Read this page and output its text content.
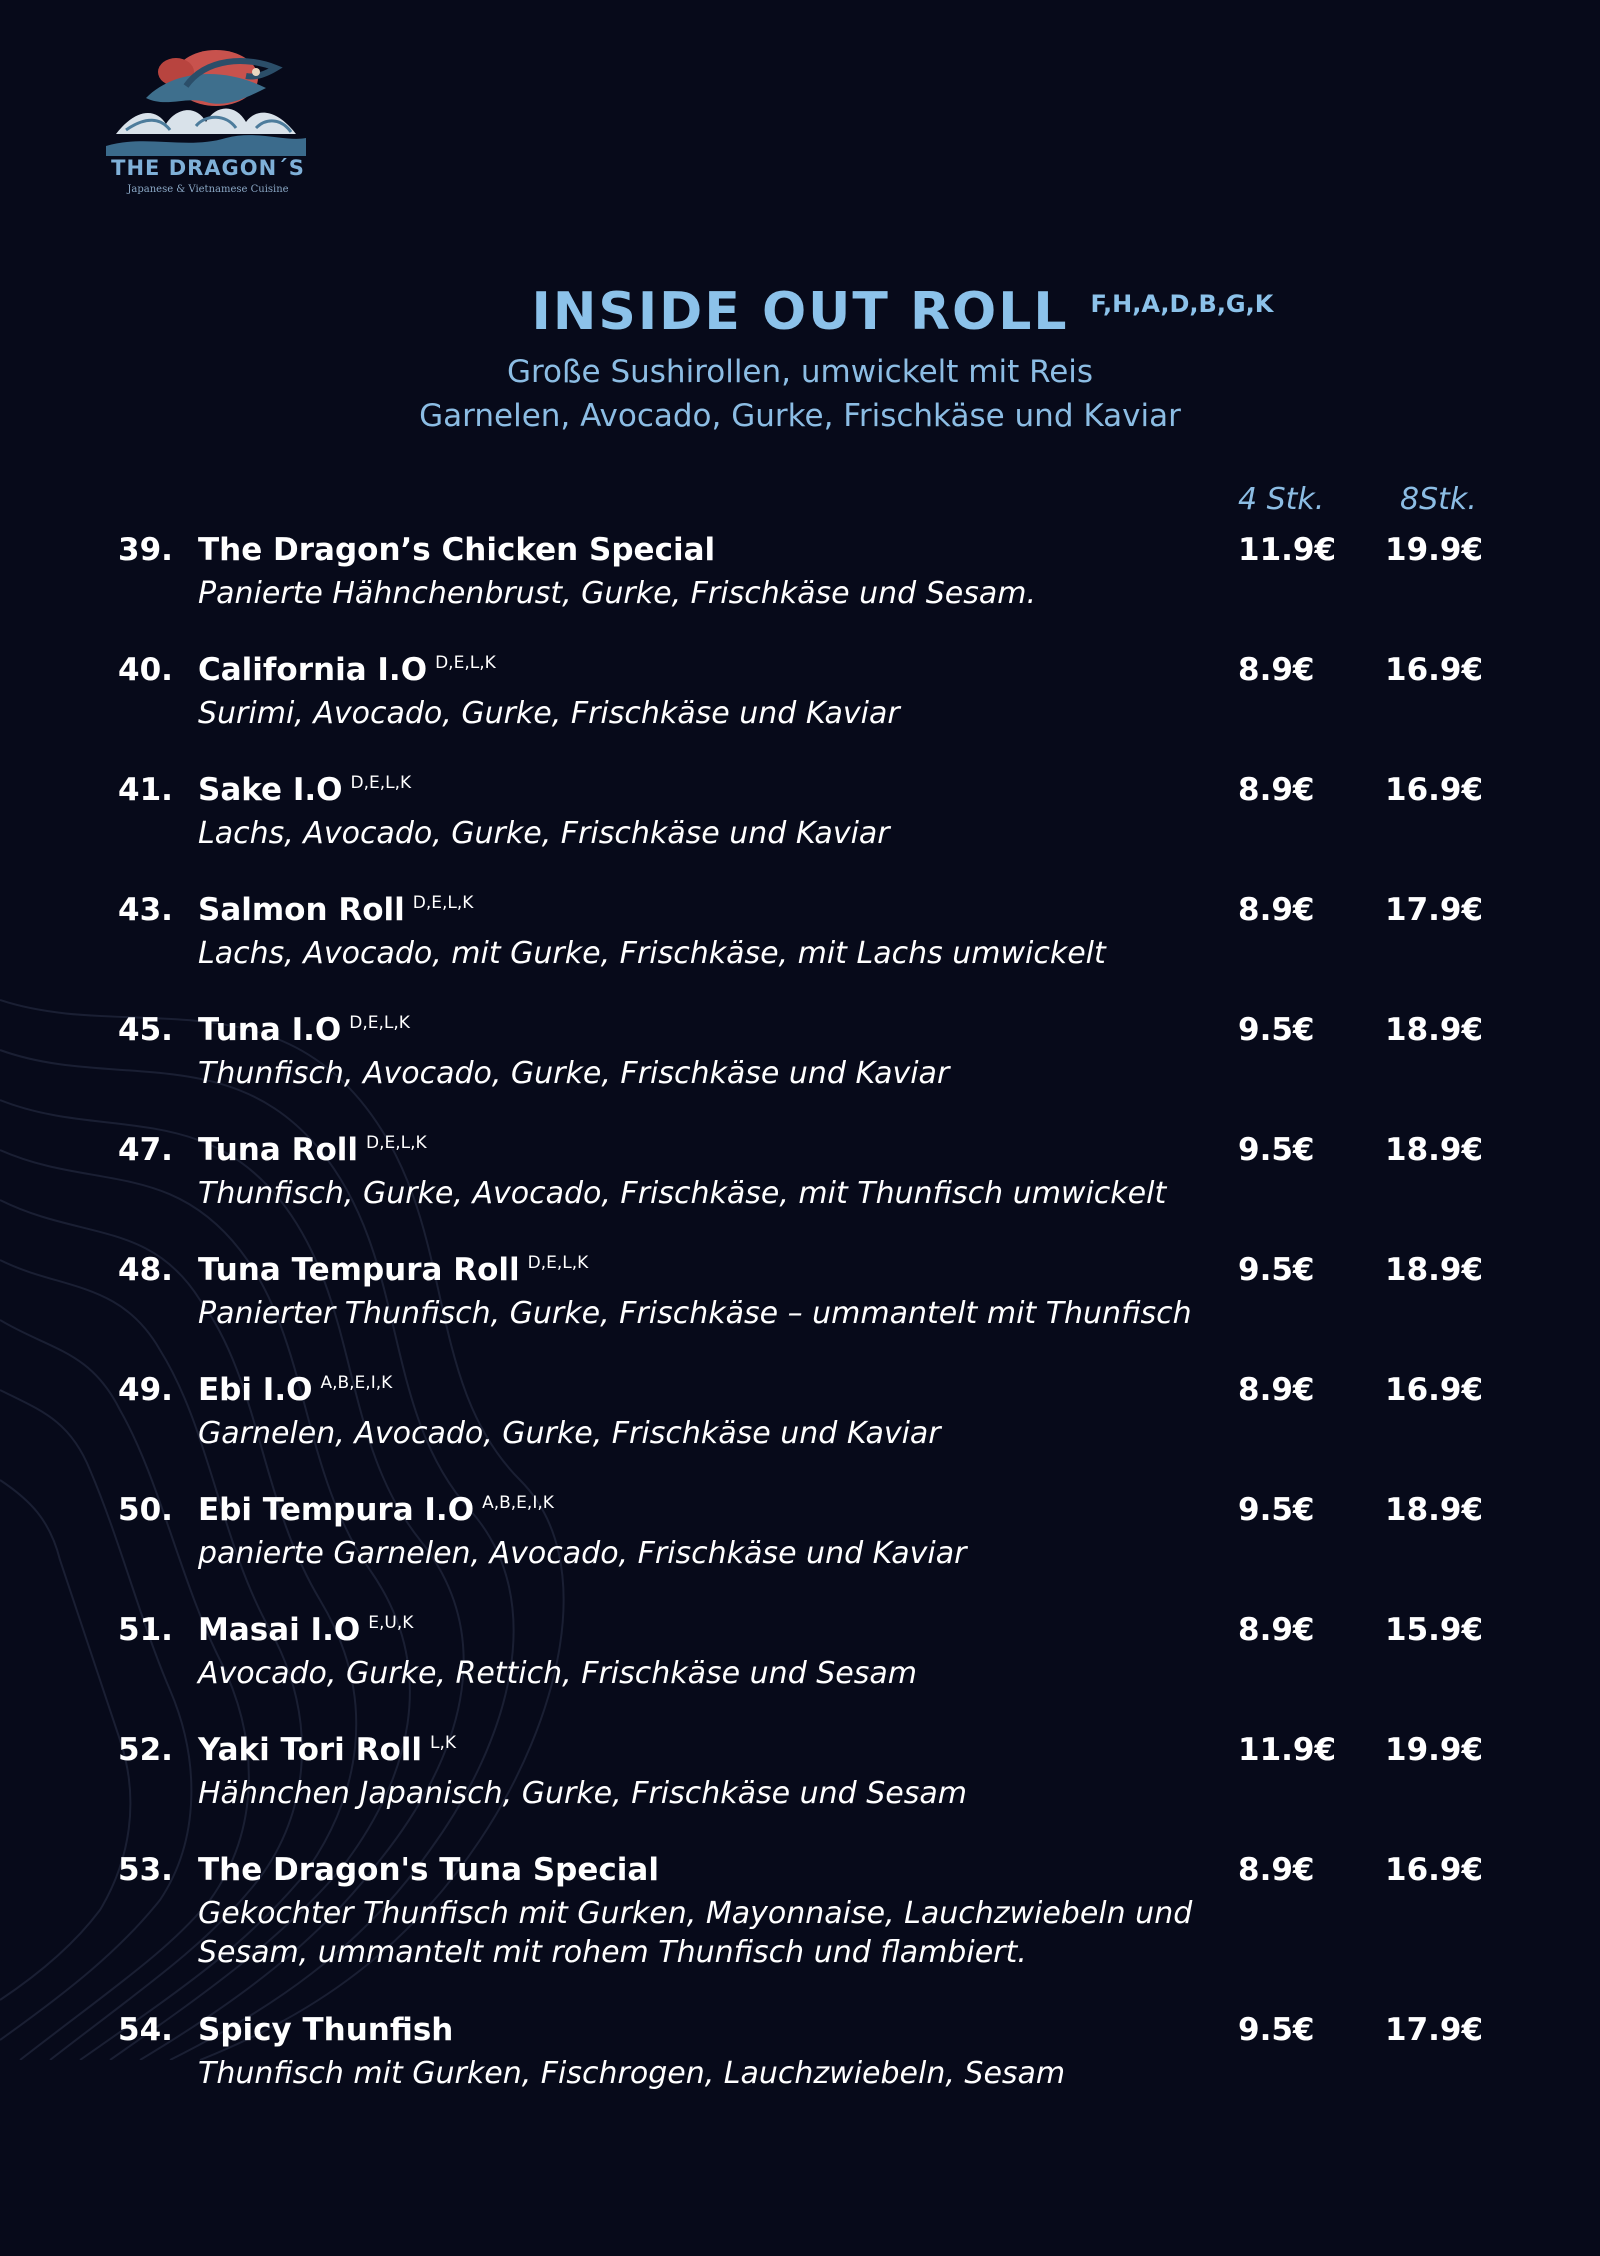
THE DRAGON´S
Japanese & Vietnamese Cuisine
INSIDE OUT ROLL F,H,A,D,B,G,K
Große Sushirollen, umwickelt mit Reis
Garnelen, Avocado, Gurke, Frischkäse und Kaviar
4 Stk.	8Stk.
39. The Dragon’s Chicken Special	11.9€ 19.9€
Panierte Hähnchenbrust, Gurke, Frischkäse und Sesam.
40. California I.O $^{D,E,L,K}$	8.9€ 16.9€
Surimi, Avocado, Gurke, Frischkäse und Kaviar
41. Sake I.O $^{D,E,L,K}$	8.9€ 16.9€
Lachs, Avocado, Gurke, Frischkäse und Kaviar
43. Salmon Roll $^{D,E,L,K}$	8.9€ 17.9€
Lachs, Avocado, mit Gurke, Frischkäse, mit Lachs umwickelt
45. Tuna I.O $^{D,E,L,K}$	9.5€ 18.9€
Thunfisch, Avocado, Gurke, Frischkäse und Kaviar
47. Tuna Roll $^{D,E,L,K}$	9.5€ 18.9€
Thunfisch, Gurke, Avocado, Frischkäse, mit Thunfisch umwickelt
48. Tuna Tempura Roll $^{D,E,L,K}$	9.5€ 18.9€
Panierter Thunfisch, Gurke, Frischkäse – ummantelt mit Thunfisch
49. Ebi I.O $^{A,B,E,I,K}$	8.9€ 16.9€
Garnelen, Avocado, Gurke, Frischkäse und Kaviar
50. Ebi Tempura I.O $^{A,B,E,I,K}$	9.5€ 18.9€
panierte Garnelen, Avocado, Frischkäse und Kaviar
51. Masai I.O $^{E,U,K}$	8.9€ 15.9€
Avocado, Gurke, Rettich, Frischkäse und Sesam
52. Yaki Tori Roll $^{L,K}$	11.9€ 19.9€
Hähnchen Japanisch, Gurke, Frischkäse und Sesam
53. The Dragon's Tuna Special	8.9€ 16.9€
Gekochter Thunfisch mit Gurken, Mayonnaise, Lauchzwiebeln und Sesam, ummantelt mit rohem Thunfisch und flambiert.
54. Spicy Thunfish	9.5€ 17.9€
Thunfisch mit Gurken, Fischrogen, Lauchzwiebeln, Sesam
